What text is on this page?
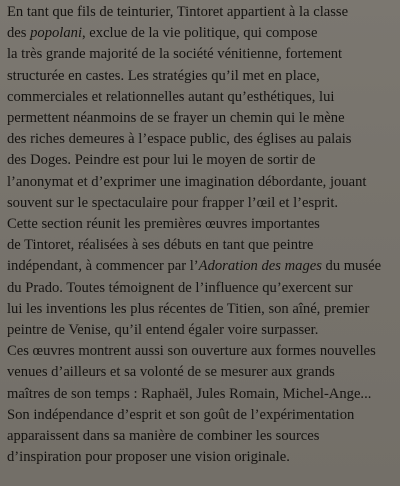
En tant que fils de teinturier, Tintoret appartient à la classe
des popolani, exclue de la vie politique, qui compose
la très grande majorité de la société vénitienne, fortement
structurée en castes. Les stratégies qu’il met en place,
commerciales et relationnelles autant qu’esthétiques, lui
permettent néanmoins de se frayer un chemin qui le mène
des riches demeures à l’espace public, des églises au palais
des Doges. Peindre est pour lui le moyen de sortir de
l’anonymat et d’exprimer une imagination débordante, jouant
souvent sur le spectaculaire pour frapper l’œil et l’esprit.
Cette section réunit les premières œuvres importantes
de Tintoret, réalisées à ses débuts en tant que peintre
indépendant, à commencer par l’Adoration des mages du musée
du Prado. Toutes témoignent de l’influence qu’exercent sur
lui les inventions les plus récentes de Titien, son aîné, premier
peintre de Venise, qu’il entend égaler voire surpasser.
Ces œuvres montrent aussi son ouverture aux formes nouvelles
venues d’ailleurs et sa volonté de se mesurer aux grands
maîtres de son temps : Raphaël, Jules Romain, Michel-Ange...
Son indépendance d’esprit et son goût de l’expérimentation
apparaissent dans sa manière de combiner les sources
d’inspiration pour proposer une vision originale.
